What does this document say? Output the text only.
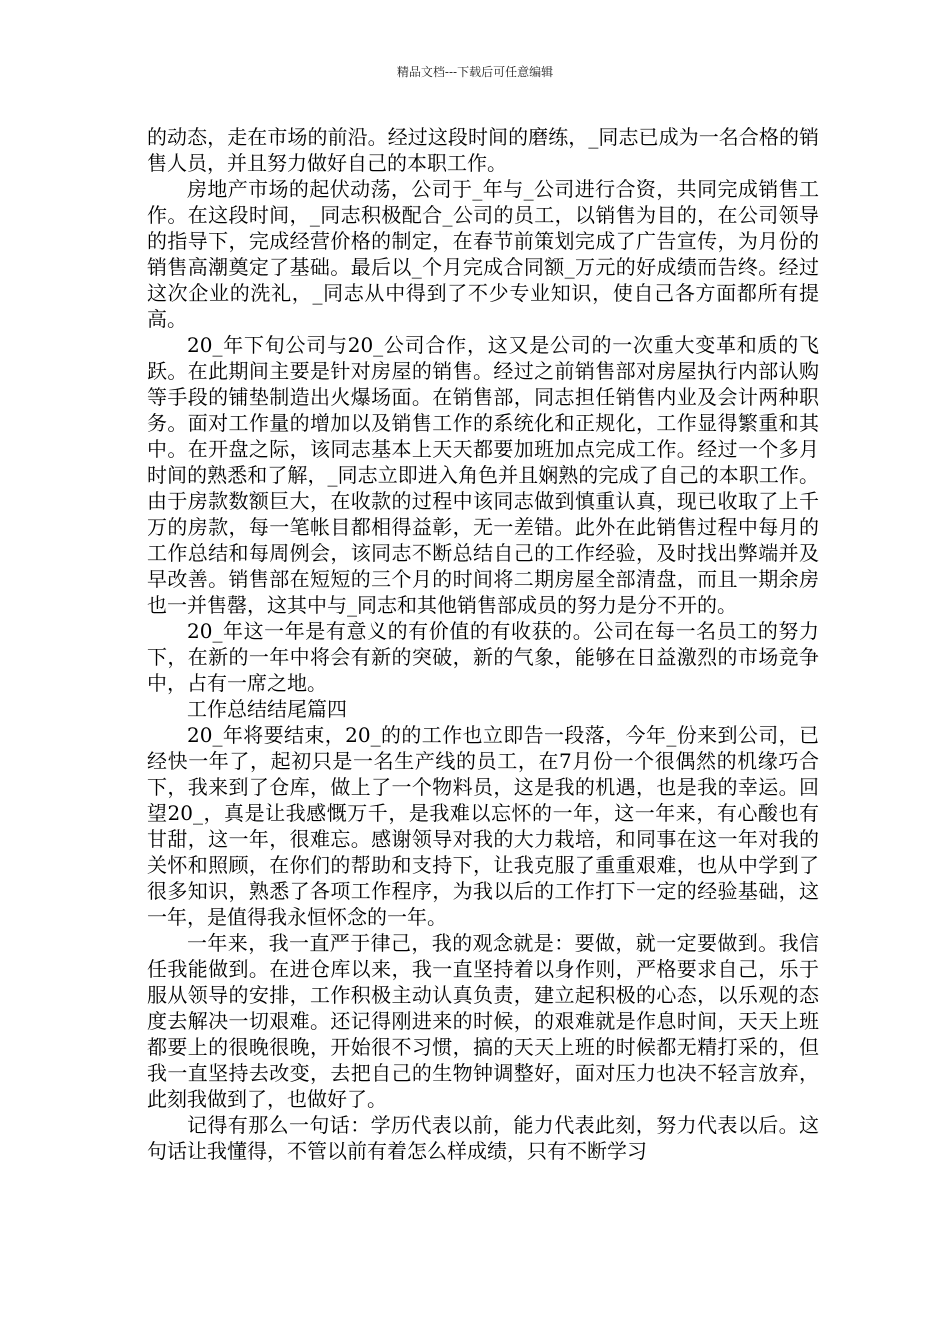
精品文档---下载后可任意编辑

的动态，走在市场的前沿。经过这段时间的磨练，_同志已成为一名合格的销售人员，并且努力做好自己的本职工作。

房地产市场的起伏动荡，公司于_年与_公司进行合资，共同完成销售工作。在这段时间，_同志积极配合_公司的员工，以销售为目的，在公司领导的指导下，完成经营价格的制定，在春节前策划完成了广告宣传，为月份的销售高潮奠定了基础。最后以_个月完成合同额_万元的好成绩而告终。经过这次企业的洗礼，_同志从中得到了不少专业知识，使自己各方面都所有提高。

20_年下旬公司与20_公司合作，这又是公司的一次重大变革和质的飞跃。在此期间主要是针对房屋的销售。经过之前销售部对房屋执行内部认购等手段的铺垫制造出火爆场面。在销售部，同志担任销售内业及会计两种职务。面对工作量的增加以及销售工作的系统化和正规化，工作显得繁重和其中。在开盘之际，该同志基本上天天都要加班加点完成工作。经过一个多月时间的熟悉和了解，_同志立即进入角色并且娴熟的完成了自己的本职工作。由于房款数额巨大，在收款的过程中该同志做到慎重认真，现已收取了上千万的房款，每一笔帐目都相得益彰，无一差错。此外在此销售过程中每月的工作总结和每周例会，该同志不断总结自己的工作经验，及时找出弊端并及早改善。销售部在短短的三个月的时间将二期房屋全部清盘，而且一期余房也一并售罄，这其中与_同志和其他销售部成员的努力是分不开的。

20_年这一年是有意义的有价值的有收获的。公司在每一名员工的努力下，在新的一年中将会有新的突破，新的气象，能够在日益激烈的市场竞争中，占有一席之地。

工作总结结尾篇四

20_年将要结束，20_的的工作也立即告一段落，今年_份来到公司，已经快一年了，起初只是一名生产线的员工，在7月份一个很偶然的机缘巧合下，我来到了仓库，做上了一个物料员，这是我的机遇，也是我的幸运。回望20_，真是让我感慨万千，是我难以忘怀的一年，这一年来，有心酸也有甘甜，这一年，很难忘。感谢领导对我的大力栽培，和同事在这一年对我的关怀和照顾，在你们的帮助和支持下，让我克服了重重艰难，也从中学到了很多知识，熟悉了各项工作程序，为我以后的工作打下一定的经验基础，这一年，是值得我永恒怀念的一年。

一年来，我一直严于律己，我的观念就是：要做，就一定要做到。我信任我能做到。在进仓库以来，我一直坚持着以身作则，严格要求自己，乐于服从领导的安排，工作积极主动认真负责，建立起积极的心态，以乐观的态度去解决一切艰难。还记得刚进来的时候，的艰难就是作息时间，天天上班都要上的很晚很晚，开始很不习惯，搞的天天上班的时候都无精打采的，但我一直坚持去改变，去把自己的生物钟调整好，面对压力也决不轻言放弃，此刻我做到了，也做好了。

记得有那么一句话：学历代表以前，能力代表此刻，努力代表以后。这句话让我懂得，不管以前有着怎么样成绩，只有不断学习
